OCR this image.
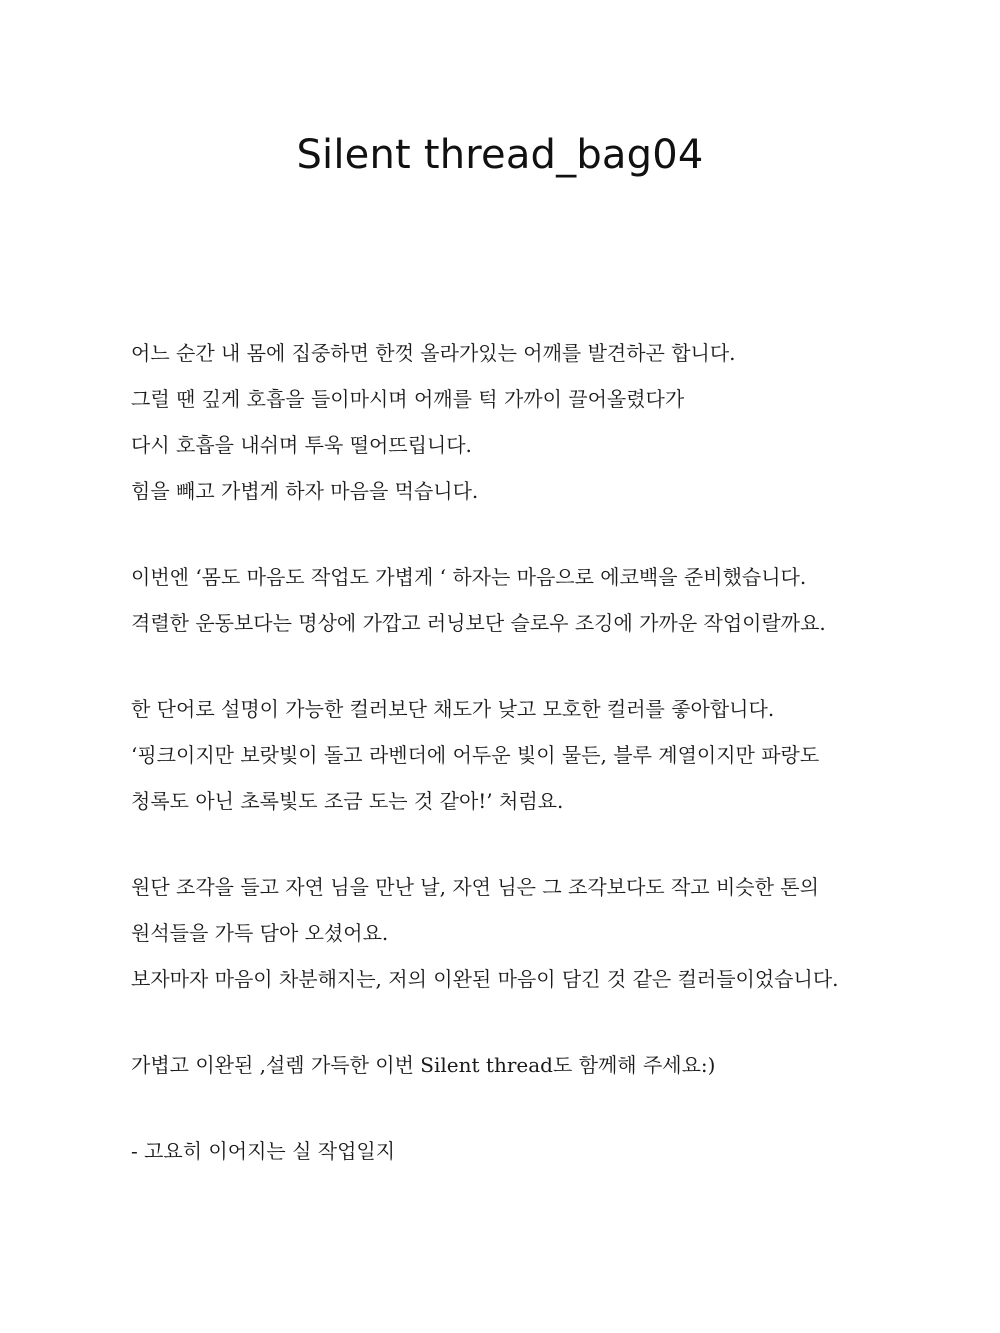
Silent thread_bag04
어느 순간 내 몸에 집중하면 한껏 올라가있는 어깨를 발견하곤 합니다.
그럴 땐 깊게 호흡을 들이마시며 어깨를 턱 가까이 끌어올렸다가
다시 호흡을 내쉬며 투욱 떨어뜨립니다.
힘을 빼고 가볍게 하자 마음을 먹습니다.
이번엔 ‘몸도 마음도 작업도 가볍게 ‘ 하자는 마음으로 에코백을 준비했습니다.
격렬한 운동보다는 명상에 가깝고 러닝보단 슬로우 조깅에 가까운 작업이랄까요.
한 단어로 설명이 가능한 컬러보단 채도가 낮고 모호한 컬러를 좋아합니다.
‘핑크이지만 보랏빛이 돌고 라벤더에 어두운 빛이 물든, 블루 계열이지만 파랑도
청록도 아닌 초록빛도 조금 도는 것 같아!’ 처럼요.
원단 조각을 들고 자연 님을 만난 날, 자연 님은 그 조각보다도 작고 비슷한 톤의
원석들을 가득 담아 오셨어요.
보자마자 마음이 차분해지는, 저의 이완된 마음이 담긴 것 같은 컬러들이었습니다.
가볍고 이완된 ,설렘 가득한 이번 Silent thread도 함께해 주세요:)
- 고요히 이어지는 실 작업일지
